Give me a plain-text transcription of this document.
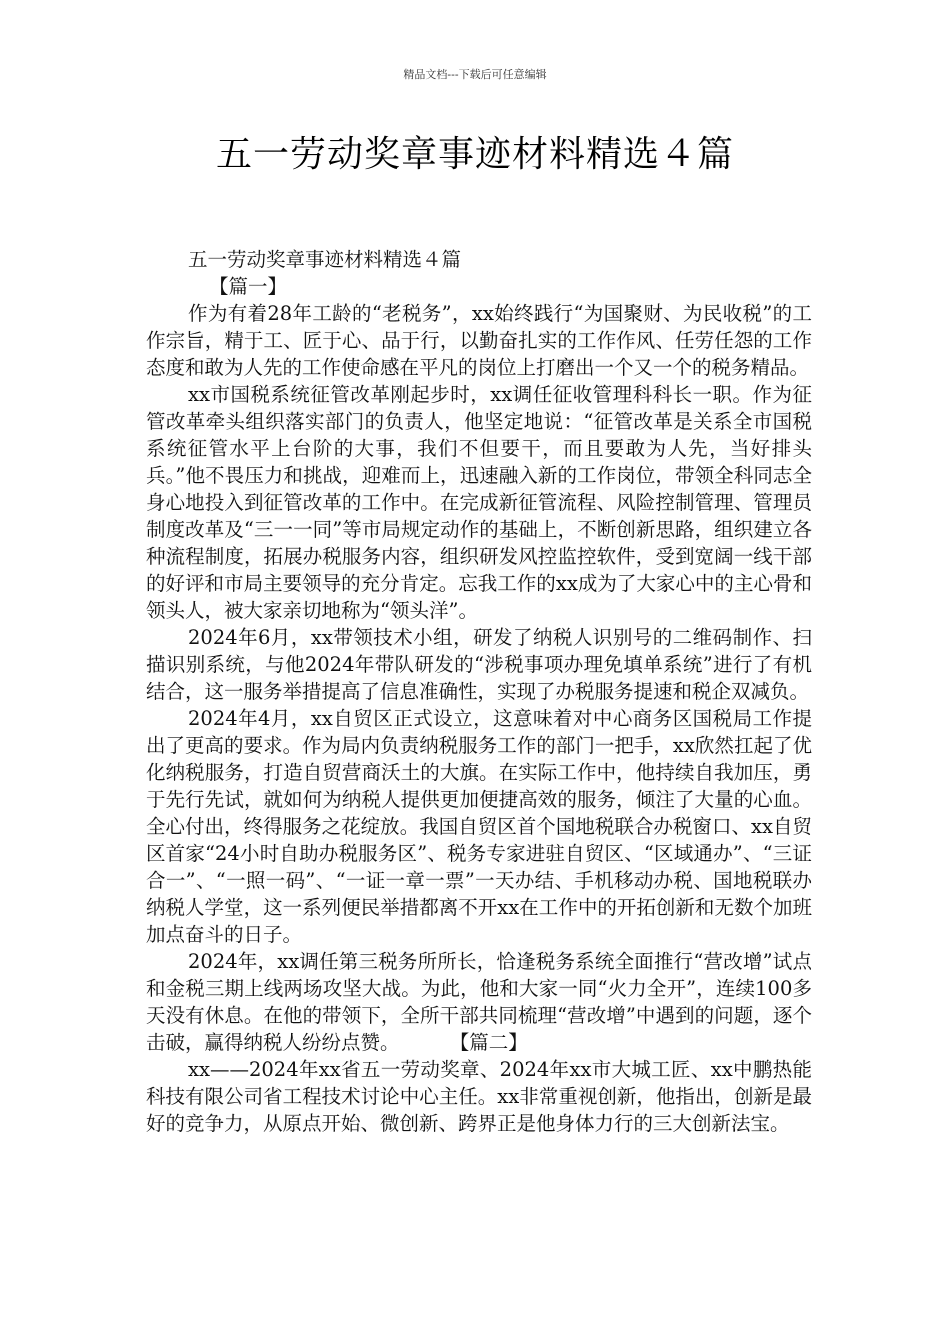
精品文档---下载后可任意编辑
五一劳动奖章事迹材料精选４篇

五一劳动奖章事迹材料精选４篇

【篇一】

作为有着28年工龄的“老税务”，xx始终践行“为国聚财、为民收税”的工作宗旨，精于工、匠于心、品于行，以勤奋扎实的工作作风、任劳任怨的工作态度和敢为人先的工作使命感在平凡的岗位上打磨出一个又一个的税务精品。

xx市国税系统征管改革刚起步时，xx调任征收管理科科长一职。作为征管改革牵头组织落实部门的负责人，他坚定地说：“征管改革是关系全市国税系统征管水平上台阶的大事，我们不但要干，而且要敢为人先，当好排头兵。”他不畏压力和挑战，迎难而上，迅速融入新的工作岗位，带领全科同志全身心地投入到征管改革的工作中。在完成新征管流程、风险控制管理、管理员制度改革及“三一一同”等市局规定动作的基础上，不断创新思路，组织建立各种流程制度，拓展办税服务内容，组织研发风控监控软件，受到宽阔一线干部的好评和市局主要领导的充分肯定。忘我工作的xx成为了大家心中的主心骨和领头人，被大家亲切地称为“领头洋”。

2024年6月，xx带领技术小组，研发了纳税人识别号的二维码制作、扫描识别系统，与他2024年带队研发的“涉税事项办理免填单系统”进行了有机结合，这一服务举措提高了信息准确性，实现了办税服务提速和税企双减负。

2024年4月，xx自贸区正式设立，这意味着对中心商务区国税局工作提出了更高的要求。作为局内负责纳税服务工作的部门一把手，xx欣然扛起了优化纳税服务，打造自贸营商沃土的大旗。在实际工作中，他持续自我加压，勇于先行先试，就如何为纳税人提供更加便捷高效的服务，倾注了大量的心血。全心付出，终得服务之花绽放。我国自贸区首个国地税联合办税窗口、xx自贸区首家“24小时自助办税服务区”、税务专家进驻自贸区、“区域通办”、“三证合一”、“一照一码”、“一证一章一票”一天办结、手机移动办税、国地税联办纳税人学堂，这一系列便民举措都离不开xx在工作中的开拓创新和无数个加班加点奋斗的日子。

2024年，xx调任第三税务所所长，恰逢税务系统全面推行“营改增”试点和金税三期上线两场攻坚大战。为此，他和大家一同“火力全开”，连续100多天没有休息。在他的带领下，全所干部共同梳理“营改增”中遇到的问题，逐个击破，赢得纳税人纷纷点赞。	【篇二】

xx——2024年xx省五一劳动奖章、2024年xx市大城工匠、xx中鹏热能科技有限公司省工程技术讨论中心主任。xx非常重视创新，他指出，创新是最好的竞争力，从原点开始、微创新、跨界正是他身体力行的三大创新法宝。
